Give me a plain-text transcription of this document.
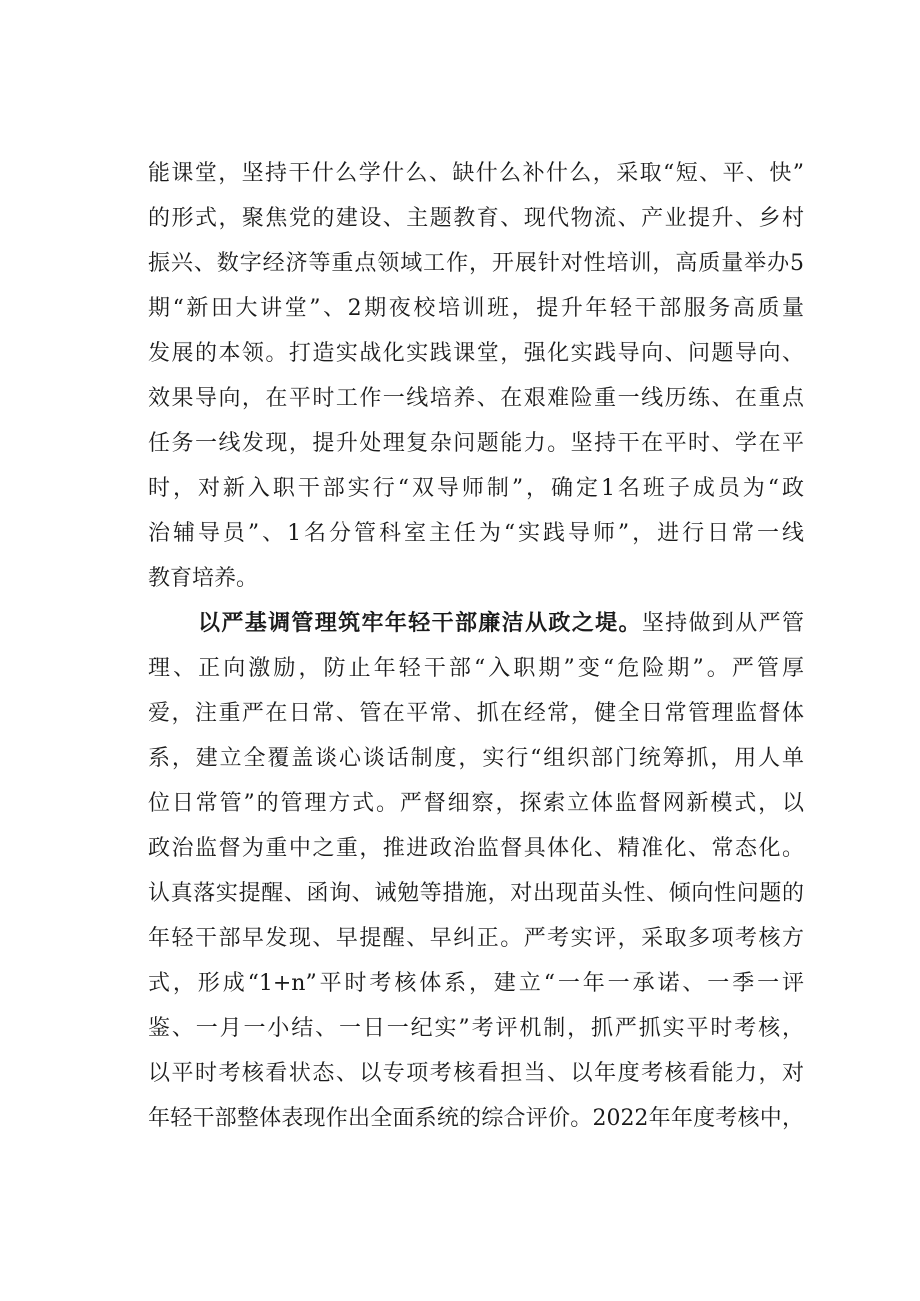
能课堂，坚持干什么学什么、缺什么补什么，采取“短、平、快”
的形式，聚焦党的建设、主题教育、现代物流、产业提升、乡村
振兴、数字经济等重点领域工作，开展针对性培训，高质量举办5
期“新田大讲堂”、2期夜校培训班，提升年轻干部服务高质量
发展的本领。打造实战化实践课堂，强化实践导向、问题导向、
效果导向，在平时工作一线培养、在艰难险重一线历练、在重点
任务一线发现，提升处理复杂问题能力。坚持干在平时、学在平
时，对新入职干部实行“双导师制”，确定1名班子成员为“政
治辅导员”、1名分管科室主任为“实践导师”，进行日常一线
教育培养。
以严基调管理筑牢年轻干部廉洁从政之堤。坚持做到从严管
理、正向激励，防止年轻干部“入职期”变“危险期”。严管厚
爱，注重严在日常、管在平常、抓在经常，健全日常管理监督体
系，建立全覆盖谈心谈话制度，实行“组织部门统筹抓，用人单
位日常管”的管理方式。严督细察，探索立体监督网新模式，以
政治监督为重中之重，推进政治监督具体化、精准化、常态化。
认真落实提醒、函询、诫勉等措施，对出现苗头性、倾向性问题的
年轻干部早发现、早提醒、早纠正。严考实评，采取多项考核方
式，形成“1+n”平时考核体系，建立“一年一承诺、一季一评
鉴、一月一小结、一日一纪实”考评机制，抓严抓实平时考核，
以平时考核看状态、以专项考核看担当、以年度考核看能力，对
年轻干部整体表现作出全面系统的综合评价。2022年年度考核中，
